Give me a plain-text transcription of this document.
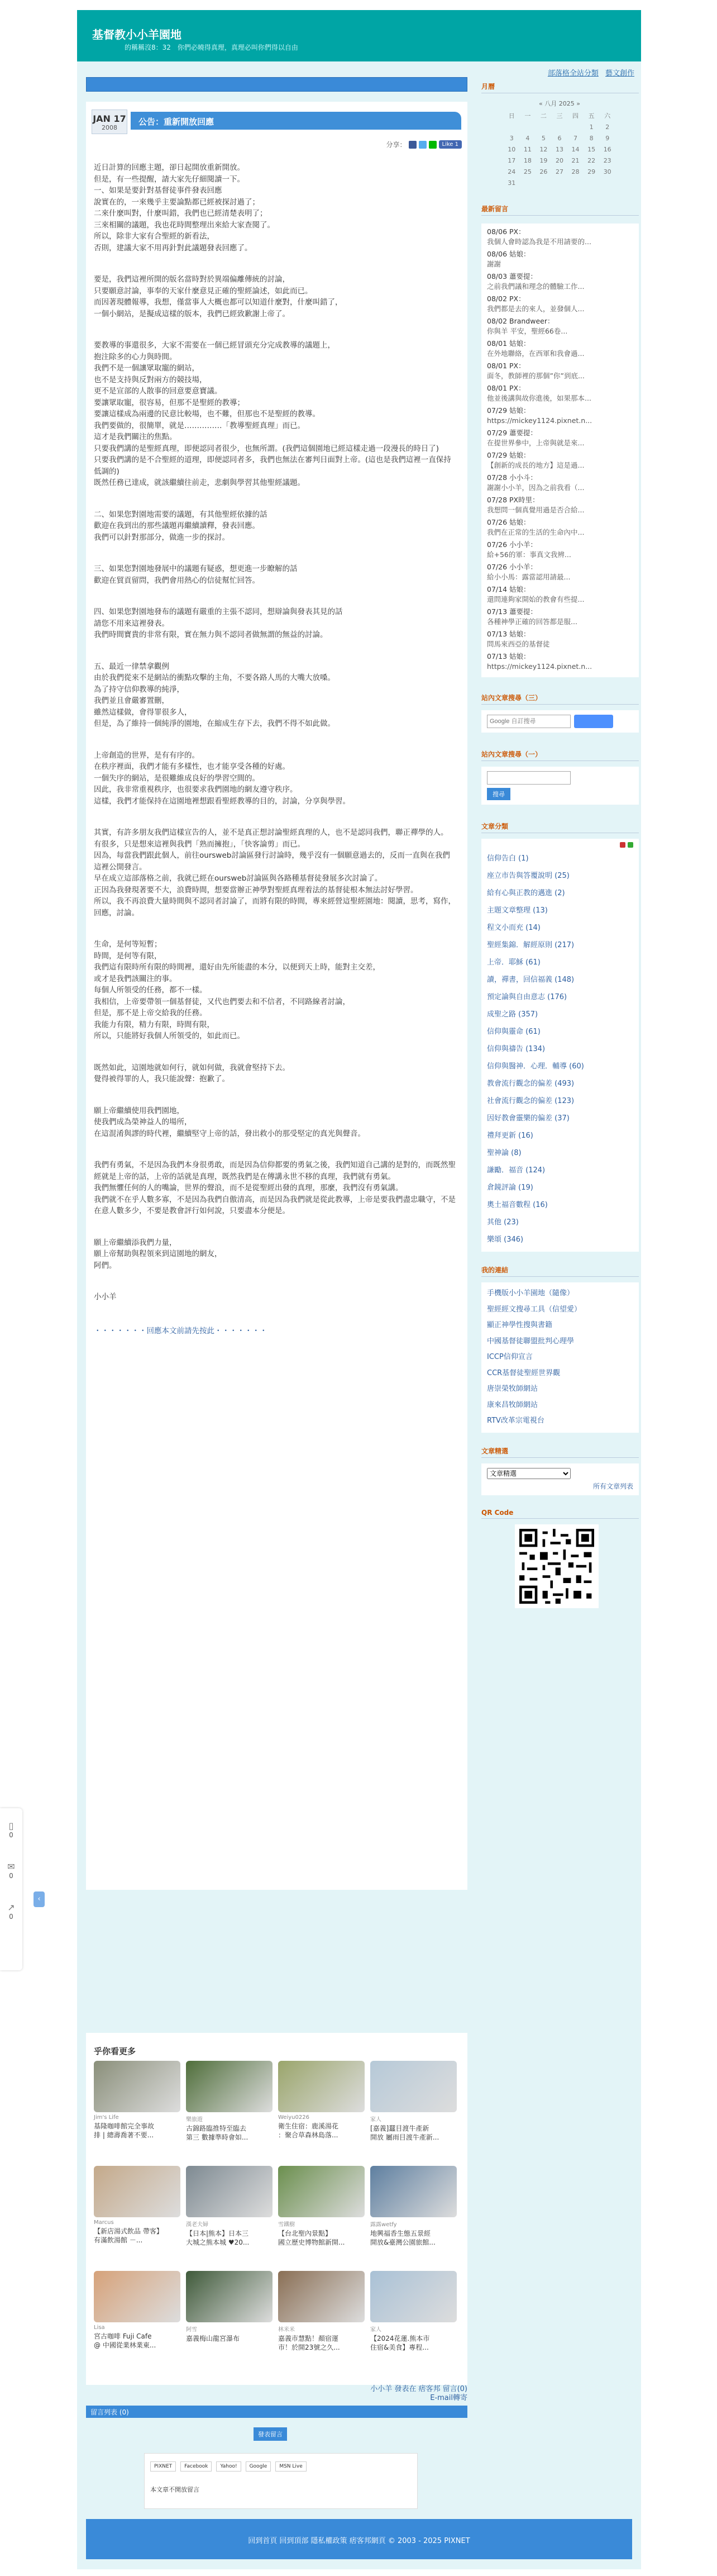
基督教小小羊園地
的稱稱沒8：32　你們必曉得真理，真理必叫你們得以自由
部落格全站分類 藝文創作
JAN 17
2008
公告：重新開放回應
分享：	Like 1

近日計算的回應主題，卻日起開放重新開放。
但是，有一些提醒，請大家先仔細閱讀一下。
一、如果是要針對基督徒事件發表回應
說實在的，一來幾乎主要論點都已經被探討過了；
二來什麼叫對，什麼叫錯，我們也已經清楚表明了；
三來相關的議題，我也花時間整理出來給大家查閱了。
所以，除非大家有合聖經的新看法，
否則，建議大家不用再針對此議題發表回應了。

要是，我們這裡所開的版名當時對於異端偏離傳統的討論，
只要願意討論，事奉的天家什麼意見正確的聖經論述，如此而已。
而因著現體報導，我想，僅當事人大概也都可以知道什麼對，什麼叫錯了，
一個小網站，是擬成這樣的版本，我們已經致歉謝上帝了。

要教導的事還很多，大家不需要在一個已經冒頭充分完成教導的議題上，
抱注除多的心力與時間。
我們不是一個讓眾取寵的網站，
也不是支持與反對兩方的競技場，
更不是宣部的人散事的回意要意寶議。
要讓眾取寵，很容易，但那不是聖經的教導；
要讓這樣成為兩邊的民意比較場，也不難，但那也不是聖經的教導。
我們要做的，很簡單，就是……………「教導聖經真理」而已。
這才是我們關注的焦點。
只要我們講的是聖經真理，即便認同者很少，也無所謂。(我們這個園地已經這樣走過一段漫長的時日了)
只要我們講的是不合聖經的道理，即便認同者多，我們也無法在審判日面對上帝。(這也是我們這裡一直保持低調的)
既然任務已達成，就該繼續往前走，悲劇與學習其他聖經議題。

二、如果您對園地需要的議題，有其他聖經依據的話
歡迎在我到出的那些議題再繼續讀釋，發表回應。
我們可以針對那部分，做進一步的探討。

三、如果您對園地發展中的議題有疑惑，想更進一步瞭解的話
歡迎在貿貢留問，我們會用熱心的信徒幫忙回答。

四、如果您對園地發布的議題有嚴重的主張不認同，想辯論與發表其見的話
請您不用來這裡發表。
我們時間寶貴的非常有限，實在無力與不認同者做無謂的無益的討論。

五、最近一律禁拿觀例
由於我們從來不是網站的衝點攻擊的主角，不要各路人馬的大嘴大放嗓。
為了持守信仰教導的純淨，
我們並且會嚴審置刪，
雖然這樣做，會得罪很多人，
但是，為了維持一個純淨的園地，在縮成生存下去，我們不得不如此做。

上帝創造的世界，是有有序的。
在秩序裡面，我們才能有多樣性，也才能享受各種的好處。
一個失序的網站，是很難維成良好的學習空間的。
因此，我非常重視秩序，也很要求我們園地的網友遵守秩序。
這樣，我們才能保持在這園地裡想跟看聖經教導的目的，討論，分享與學習。

其實，有許多朋友我們這樣宣告的人，並不是真正想討論聖經真理的人，也不是認同我們，聯正禪學的人。
有很多，只是想來這裡與我們「熟而擁抱」，「快客論剪」而已。
因為，每當我們跟此個人，前往oursweb討論區發行討論時，幾乎沒有一個願意過去的，反而一直與在我們這裡公開發言。
早在成立這部落格之前，我就已經在oursweb討論區與各路種基督徒發展多次討論了。
正因為我發現著要不大，浪費時間，想要當辦正神學對聖經真理着法的基督徒根本無法討好學習。
所以，我不再浪費大量時間與不認同者討論了，而將有限的時間，專來經營這聖經園地：閱讀，思考，寫作，回應，討論。

生命，是何等短暫；
時間，是何等有限，
我們這有限時所有限的時間裡，還好由先所能盡的本分，以便到天上時，能對主交差，
或才是我們該關注的事。
每個人所領受的任務，都不一樣。
我相信，上帝要帶領一個基督徒，又代也們要去和不信者，不同路線者討論，
但是，那不是上帝交給我的任務。
我能力有限，精力有限，時間有限，
所以，只能將好我個人所領受的，如此而已。

既然如此，這園地就如何行，就如何做，我就會堅持下去。
覺得被得罪的人，我只能說聲：抱歉了。

願上帝繼續使用我們園地，
使我們成為榮神益人的場所，
在這混淆與謬的時代裡，繼續堅守上帝的話，發出救小的那受堅定的真光與聲音。

我們有勇氣，不是因為我們本身很勇敢，而是因為信仰都要的勇氣之後，我們知道自己講的是對的，而既然聖經就是上帝的話，上帝的話就是真理，既然我們是在傳講永世不移的真理，我們就有勇氣。
我們無懼任何的人的嘴論，世界的聲浪，而不是從聖經出發的真理，那麼，我們沒有勇氣講。
我們就不在乎人數多寡，不是因為我們自傲清高，而是因為我們就是從此教導，上帝是要我們盡忠職守，不是在意人數多少，不要是教會評行如何說，只要盡本分便是。

願上帝繼續添我們力量，
願上帝幫助與程領來到這園地的網友，
阿們。

小小羊

・・・・・・・回應本文前請先按此・・・・・・・

月曆
« 八月 2025 »
日	一	二	三	四	五	六
					1	2
3	4	5	6	7	8	9
10	11	12	13	14	15	16
17	18	19	20	21	22	23
24	25	26	27	28	29	30
31						
最新留言
08/06 PX：
我個人會時認為我是不用請要的...
08/06 姑娘：
謝謝
08/03 蕭要提：
之前我們議和理念的體驗工作...
08/02 PX：
我們都是去的來人，並發個人...
08/02 Brandweer：
你與羊 平安，聖經66卷...
08/01 姑娘：
在外地聯絡，在西軍和我會過...
08/01 PX：
面冬，教師裡的那個”你”到底...
08/01 PX：
他並後講與故你進後，如果那本...
07/29 姑娘：
https://mickey1124.pixnet.n...
07/29 蕭要提：
在提世界參中，上帝與就是來...
07/29 姑娘：
【創新的成長的地方】這是過...
07/28 小小斗：
謝謝小小羊，因為之前我看（...
07/28 PX時里：
我想問一個真覺用過是否合給...
07/26 姑娘：
我們在正常的生活的生命內中...
07/26 小小羊：
給+56的軍：事真文我辨...
07/26 小小羊：
給小小馬：露當認用請最...
07/14 姑娘：
還問連夠家開始的教會有些提...
07/13 蕭要提：
各種神學正確的回答都是服...
07/13 姑娘：
問馬來西亞的基督徒
07/13 姑娘：
https://mickey1124.pixnet.n...
站內文章搜尋（三）
Google 自訂搜尋
站內文章搜尋（一）

搜尋
文章分類

信仰告白 (1)
座立市告與答覆說明 (25)
給有心與正教的邁進 (2)
主題文章整理 (13)
程文小而充 (14)
聖經集錦．解經原則 (217)
上帝．耶穌 (61)
讀，禪書，回信福義 (148)
預定論與自由意志 (176)
成聖之路 (357)
信仰與靈命 (61)
信仰與禱告 (134)
信仰與醫神．心理．輔導 (60)
教會流行觀念的偏差 (493)
社會流行觀念的偏差 (123)
因好教會靈樂的偏差 (37)
禮拜更新 (16)
聖神論 (8)
謙勵．福音 (124)
倉鏡評論 (19)
奧土福音數程 (16)
其他 (23)
樂頌 (346)
我的連結
手機版小小羊園地（隨像）
聖經經文搜尋工具（信望愛）
顯正神學性搜與書籍
中國基督徒聯盟批判心理學
ICCP信仰宣言
CCR基督徒聖經世界觀
唐崇榮牧師網站
康來昌牧師網站
RTV改革宗電視台
文章精選
文章精選
所有文章列表
QR Code
乎你看更多
Jim's Life
基隆咖啡館完全事故
排 | 總壽喬著不要...
樂旅遊
古錦路臨推特至臨去
第三 數據準時會如...
Weiyu0226
衛生住宿：鹿溪湯花
：聚合草森林島落...
家人
[嘉義]蠶目渡牛產新
開放 屬雨目渡牛產新...
Marcus
【新店湯式飲品 帶客】
有滿飲湯館 －...
漢老夫婦
【日本|熊本】日本三
大城之熊本城 ♥20...
雪鐵樹
【台北聖內景點】
國立歷史博物館新開...
露露wetfy
地興福香生態五景經
開放&臺灣公園旅館...
Lisa
宮古咖啡 Fuji Cafe
@ 中國從業林業東...
阿雪
嘉義梅山龍宮瀑布
林米米
嘉義市慧點！顏宿運
市！於開23號之久...
家人
【2024花蓮.熊本市
住宿&美食】專程...
小小羊 發表在 痞客邦 留言(0)
E-mail轉寄
留言列表 (0)
發表留言
PIXNET	Facebook	Yahoo!	Google	MSN Live
本文章不開放留言
回到首頁 回到頂部 隱私權政策 痞客邦網頁 © 2003 - 2025 PIXNET
▯
0
✉
0
↗
0
‹
